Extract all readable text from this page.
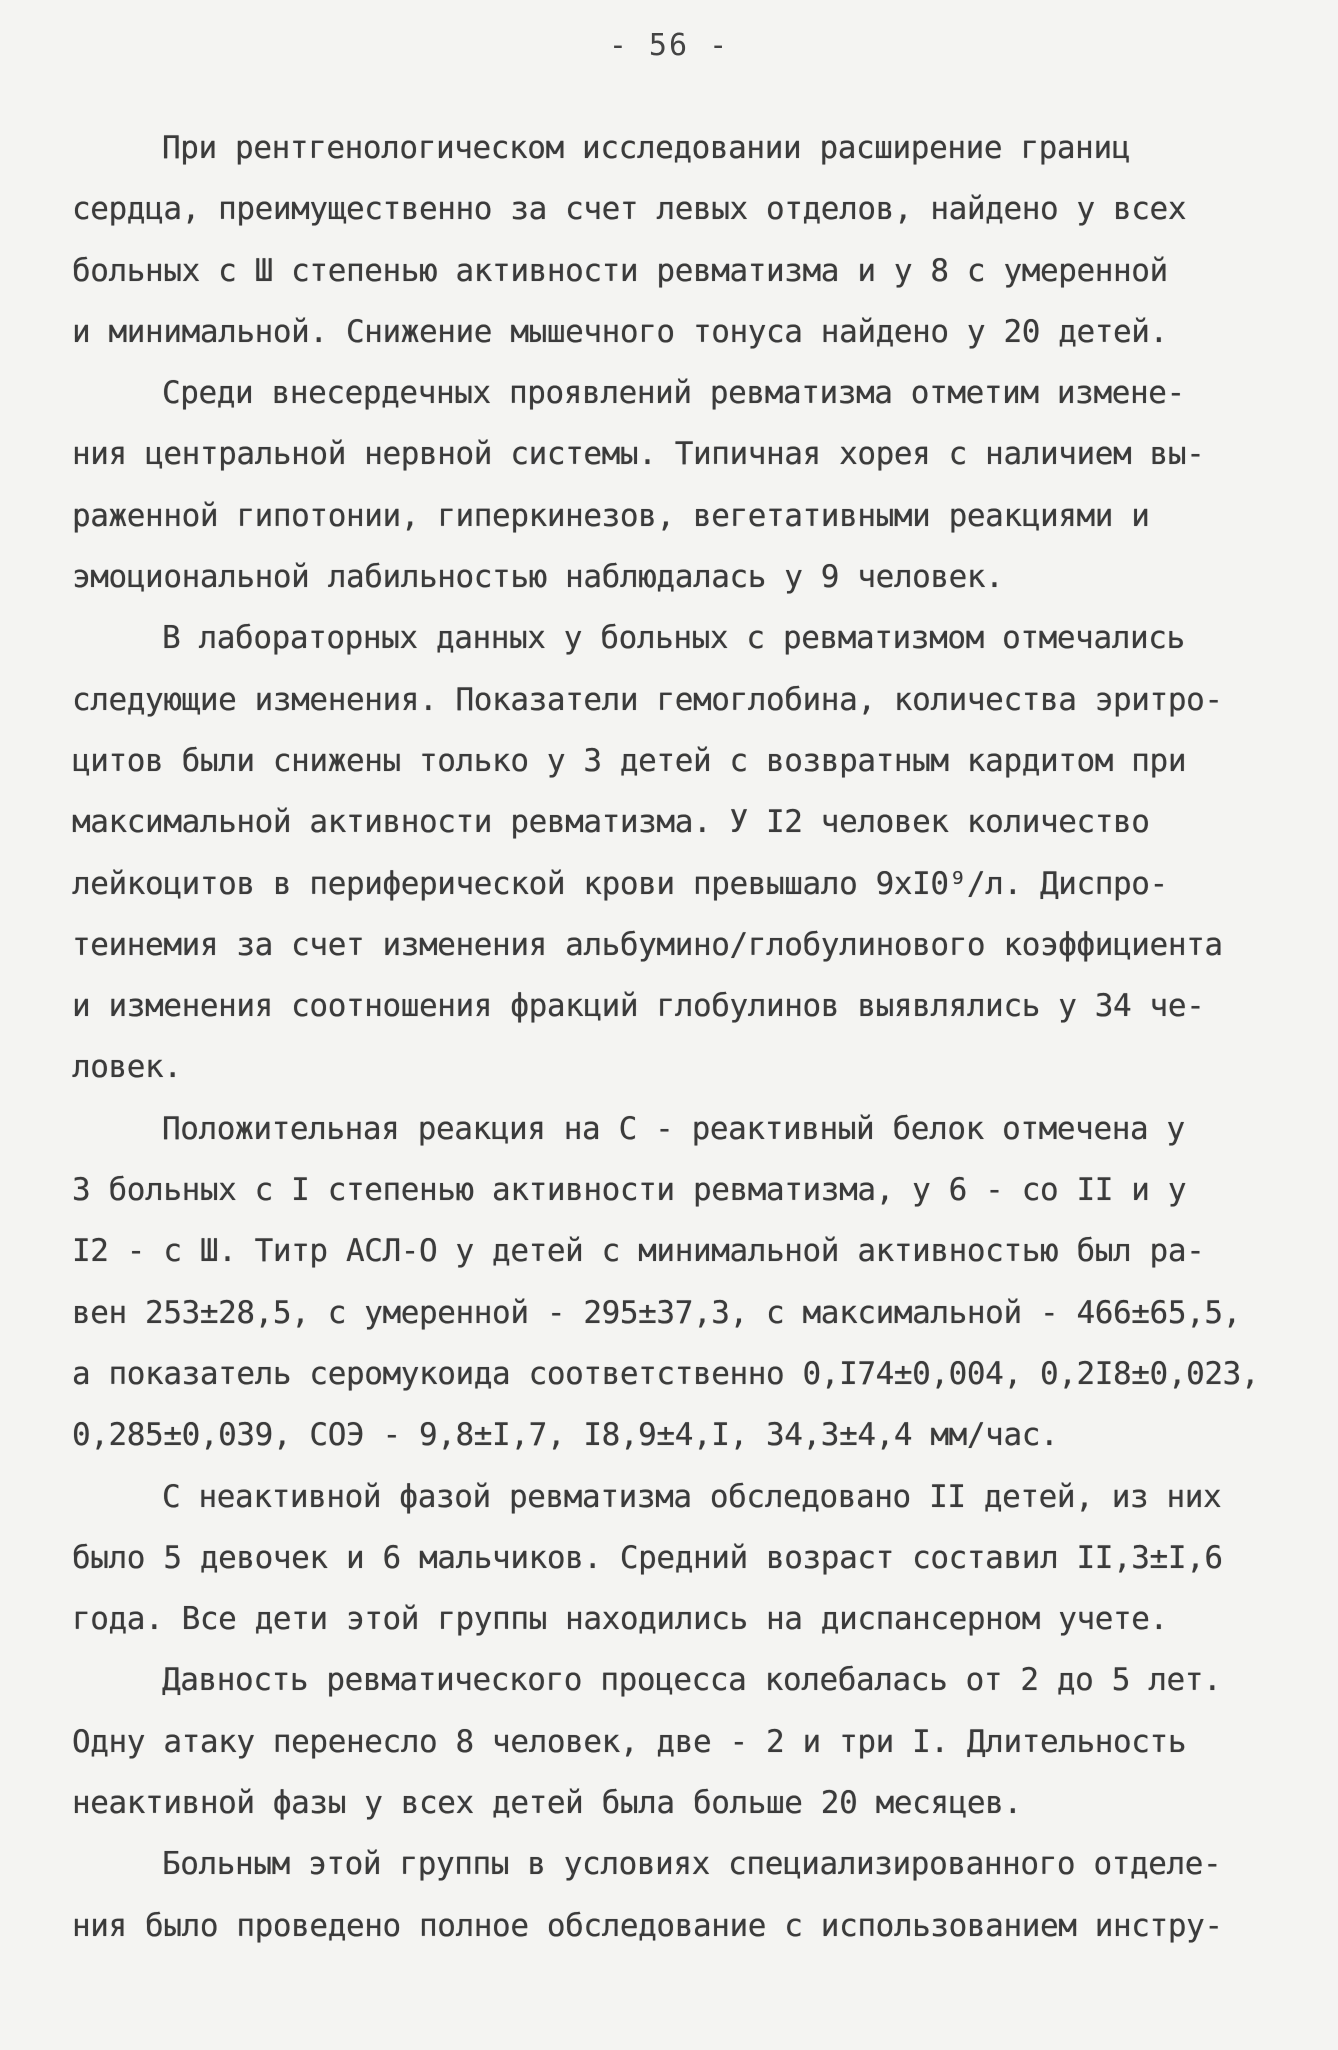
- 56 -
При рентгенологическом исследовании расширение границ
сердца, преимущественно за счет левых отделов, найдено у всех
больных с Ш степенью активности ревматизма и у 8 с умеренной
и минимальной. Снижение мышечного тонуса найдено у 20 детей.
Среди внесердечных проявлений ревматизма отметим измене-
ния центральной нервной системы. Типичная хорея с наличием вы-
раженной гипотонии, гиперкинезов, вегетативными реакциями и
эмоциональной лабильностью наблюдалась у 9 человек.
В лабораторных данных у больных с ревматизмом отмечались
следующие изменения. Показатели гемоглобина, количества эритро-
цитов были снижены только у 3 детей с возвратным кардитом при
максимальной активности ревматизма. У I2 человек количество
лейкоцитов в периферической крови превышало 9хI0⁹/л. Диспро-
теинемия за счет изменения альбумино/глобулинового коэффициента
и изменения соотношения фракций глобулинов выявлялись у 34 че-
ловек.
Положительная реакция на С - реактивный белок отмечена у
3 больных с I степенью активности ревматизма, у 6 - со II и у
I2 - с Ш. Титр АСЛ-О у детей с минимальной активностью был ра-
вен 253±28,5, с умеренной - 295±37,3, с максимальной - 466±65,5,
а показатель серомукоида соответственно 0,I74±0,004, 0,2I8±0,023,
0,285±0,039, СОЭ - 9,8±I,7, I8,9±4,I, 34,3±4,4 мм/час.
С неактивной фазой ревматизма обследовано II детей, из них
было 5 девочек и 6 мальчиков. Средний возраст составил II,3±I,6
года. Все дети этой группы находились на диспансерном учете.
Давность ревматического процесса колебалась от 2 до 5 лет.
Одну атаку перенесло 8 человек, две - 2 и три I. Длительность
неактивной фазы у всех детей была больше 20 месяцев.
Больным этой группы в условиях специализированного отделе-
ния было проведено полное обследование с использованием инстру-
